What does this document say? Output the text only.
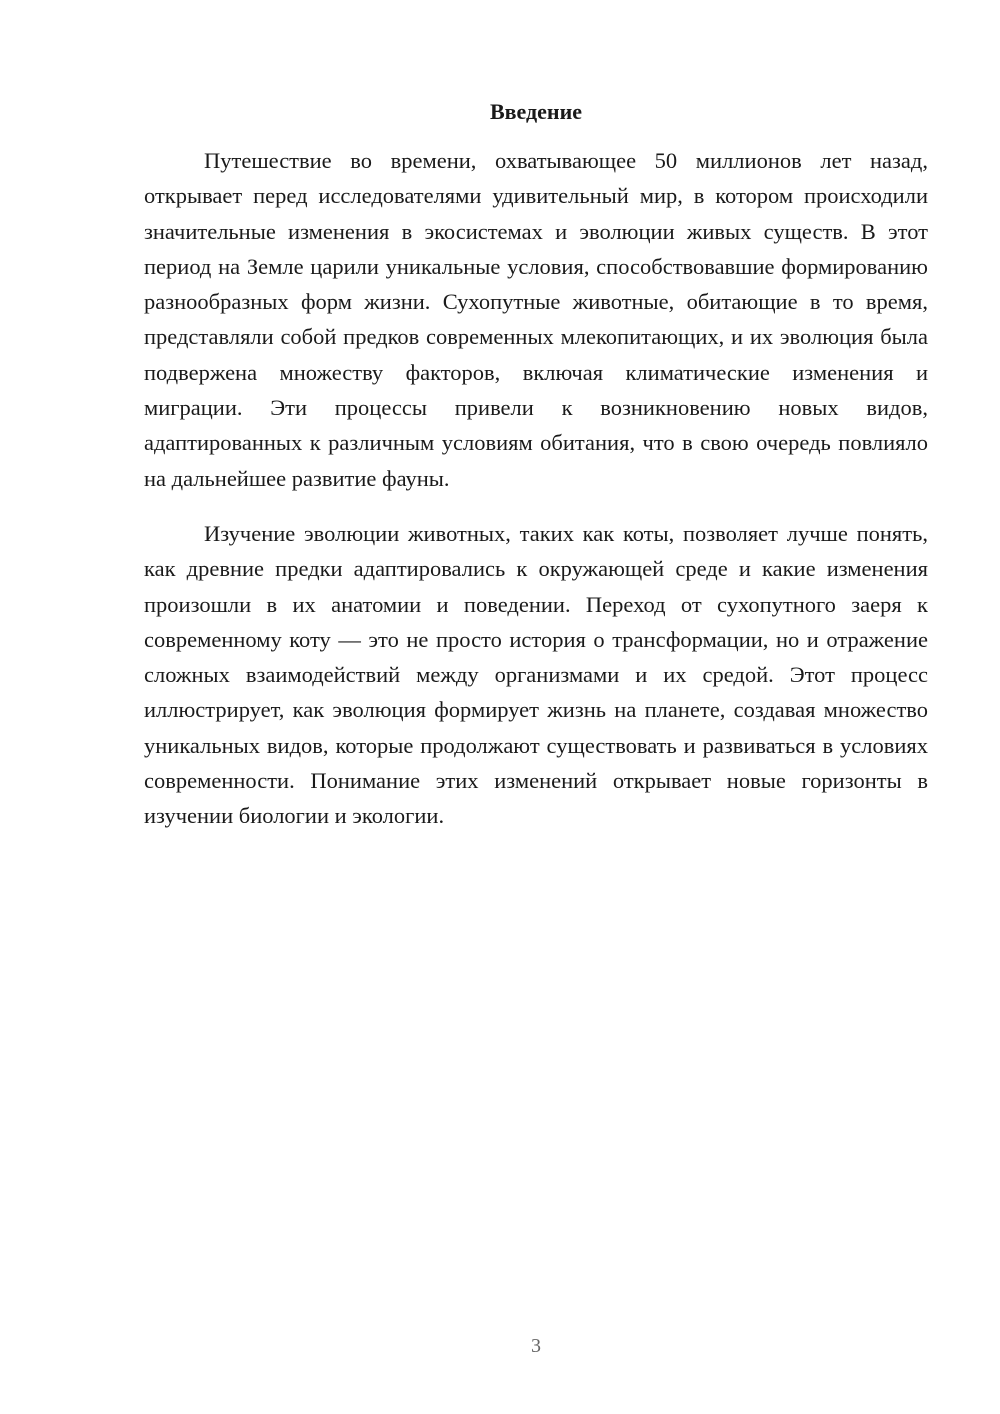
Введение

Путешествие во времени, охватывающее 50 миллионов лет назад, открывает перед исследователями удивительный мир, в котором происходили значительные изменения в экосистемах и эволюции живых существ. В этот период на Земле царили уникальные условия, способствовавшие формированию разнообразных форм жизни. Сухопутные животные, обитающие в то время, представляли собой предков современных млекопитающих, и их эволюция была подвержена множеству факторов, включая климатические изменения и миграции. Эти процессы привели к возникновению новых видов, адаптированных к различным условиям обитания, что в свою очередь повлияло на дальнейшее развитие фауны.

Изучение эволюции животных, таких как коты, позволяет лучше понять, как древние предки адаптировались к окружающей среде и какие изменения произошли в их анатомии и поведении. Переход от сухопутного заеря к современному коту — это не просто история о трансформации, но и отражение сложных взаимодействий между организмами и их средой. Этот процесс иллюстрирует, как эволюция формирует жизнь на планете, создавая множество уникальных видов, которые продолжают существовать и развиваться в условиях современности. Понимание этих изменений открывает новые горизонты в изучении биологии и экологии.

3
